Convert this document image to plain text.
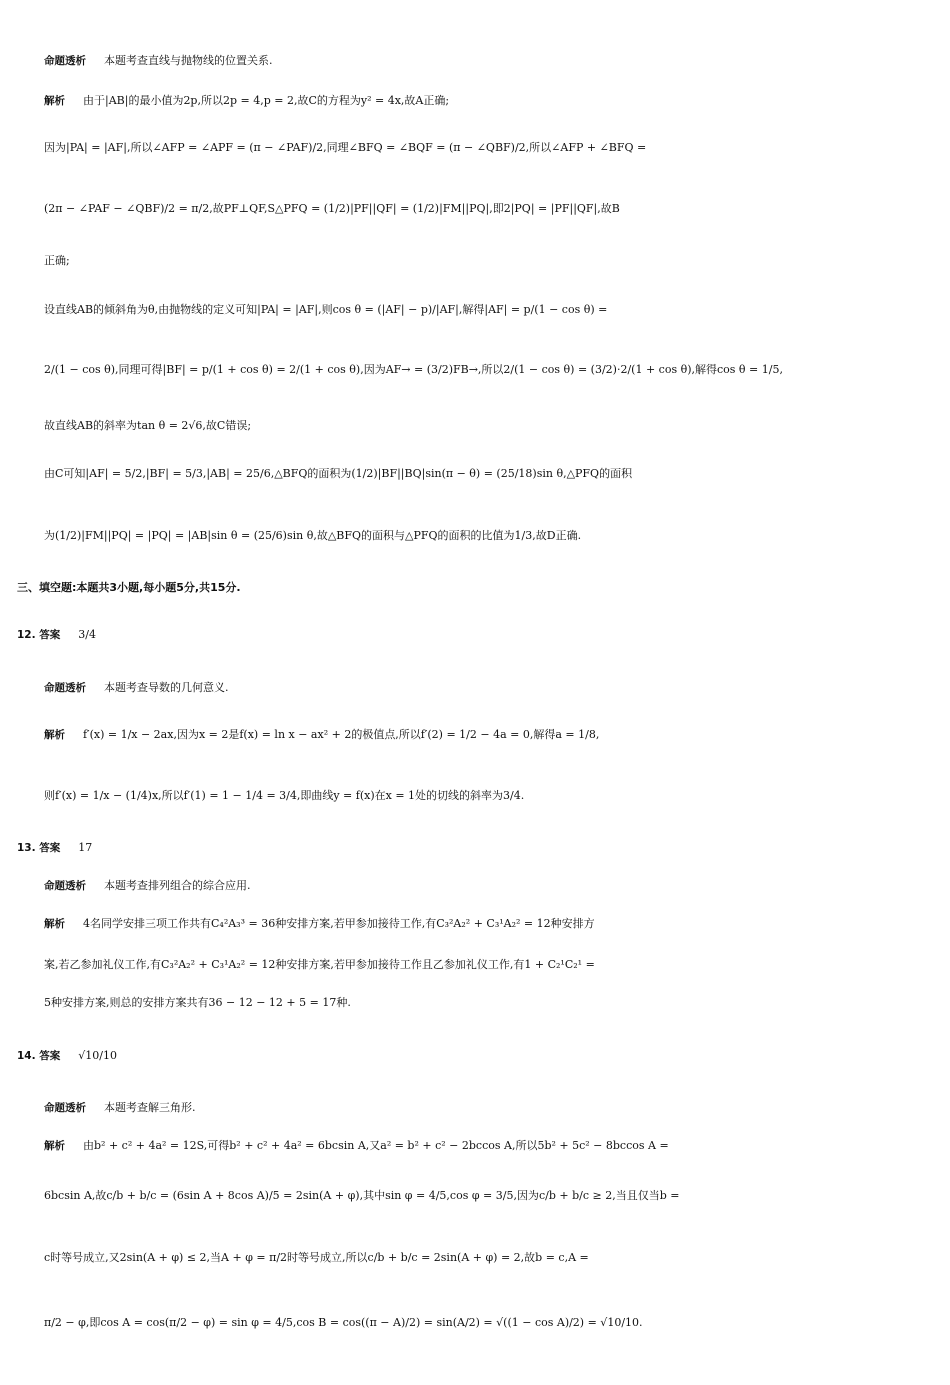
命题透析 本题考查直线与抛物线的位置关系.
解析 由于|AB|的最小值为2p,所以2p = 4,p = 2,故C的方程为y² = 4x,故A正确;
因为|PA| = |AF|,所以∠AFP = ∠APF = (π − ∠PAF)/2,同理∠BFQ = ∠BQF = (π − ∠QBF)/2,所以∠AFP + ∠BFQ =
(2π − ∠PAF − ∠QBF)/2 = π/2,故PF⊥QF,S△PFQ = (1/2)|PF||QF| = (1/2)|FM||PQ|,即2|PQ| = |PF||QF|,故B
正确;
设直线AB的倾斜角为θ,由抛物线的定义可知|PA| = |AF|,则cos θ = (|AF| − p)/|AF|,解得|AF| = p/(1 − cos θ) =
2/(1 − cos θ),同理可得|BF| = p/(1 + cos θ) = 2/(1 + cos θ),因为AF→ = (3/2)FB→,所以2/(1 − cos θ) = (3/2)·2/(1 + cos θ),解得cos θ = 1/5,
故直线AB的斜率为tan θ = 2√6,故C错误;
由C可知|AF| = 5/2,|BF| = 5/3,|AB| = 25/6,△BFQ的面积为(1/2)|BF||BQ|sin(π − θ) = (25/18)sin θ,△PFQ的面积
为(1/2)|FM||PQ| = |PQ| = |AB|sin θ = (25/6)sin θ,故△BFQ的面积与△PFQ的面积的比值为1/3,故D正确.
三、填空题:本题共3小题,每小题5分,共15分.
12. 答案 3/4
命题透析 本题考查导数的几何意义.
解析 f′(x) = 1/x − 2ax,因为x = 2是f(x) = ln x − ax² + 2的极值点,所以f′(2) = 1/2 − 4a = 0,解得a = 1/8,
则f′(x) = 1/x − (1/4)x,所以f′(1) = 1 − 1/4 = 3/4,即曲线y = f(x)在x = 1处的切线的斜率为3/4.
13. 答案 17
命题透析 本题考查排列组合的综合应用.
解析 4名同学安排三项工作共有C₄²A₃³ = 36种安排方案,若甲参加接待工作,有C₃²A₂² + C₃¹A₂² = 12种安排方
案,若乙参加礼仪工作,有C₃²A₂² + C₃¹A₂² = 12种安排方案,若甲参加接待工作且乙参加礼仪工作,有1 + C₂¹C₂¹ =
5种安排方案,则总的安排方案共有36 − 12 − 12 + 5 = 17种.
14. 答案 √10/10
命题透析 本题考查解三角形.
解析 由b² + c² + 4a² = 12S,可得b² + c² + 4a² = 6bcsin A,又a² = b² + c² − 2bccos A,所以5b² + 5c² − 8bccos A =
6bcsin A,故c/b + b/c = (6sin A + 8cos A)/5 = 2sin(A + φ),其中sin φ = 4/5,cos φ = 3/5,因为c/b + b/c ≥ 2,当且仅当b =
c时等号成立,又2sin(A + φ) ≤ 2,当A + φ = π/2时等号成立,所以c/b + b/c = 2sin(A + φ) = 2,故b = c,A =
π/2 − φ,即cos A = cos(π/2 − φ) = sin φ = 4/5,cos B = cos((π − A)/2) = sin(A/2) = √((1 − cos A)/2) = √10/10.
